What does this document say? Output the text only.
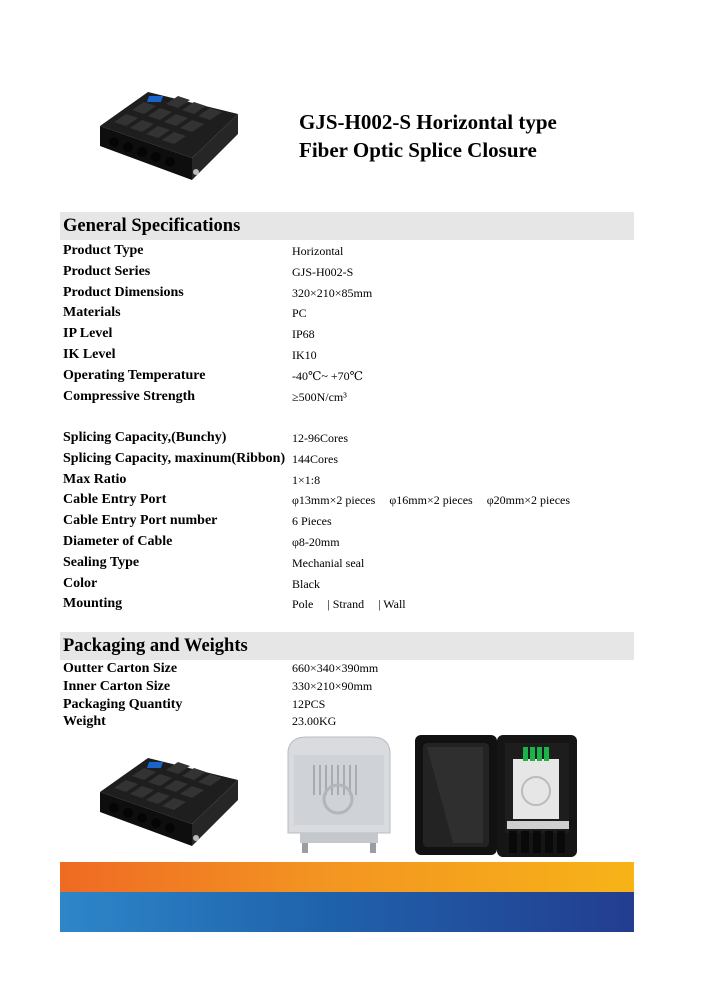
GJS-H002-S Horizontal type
Fiber Optic Splice Closure
General Specifications
Product Type	Horizontal
Product Series	GJS-H002-S
Product Dimensions	320×210×85mm
Materials	PC
IP Level	IP68
IK Level	IK10
Operating Temperature	-40℃~ +70℃
Compressive Strength	≥500N/cm³
Splicing Capacity,(Bunchy)	12-96Cores
Splicing Capacity, maxinum(Ribbon) 144Cores
Max Ratio	1×1:8
Cable Entry Port	φ13mm×2 pieces φ16mm×2 pieces φ20mm×2 pieces
Cable Entry Port number	6 Pieces
Diameter of Cable	φ8-20mm
Sealing Type	Mechanial seal
Color	Black
Mounting	Pole | Strand | Wall
Packaging and Weights
Outter Carton Size	660×340×390mm
Inner Carton Size	330×210×90mm
Packaging Quantity	12PCS
Weight	23.00KG
